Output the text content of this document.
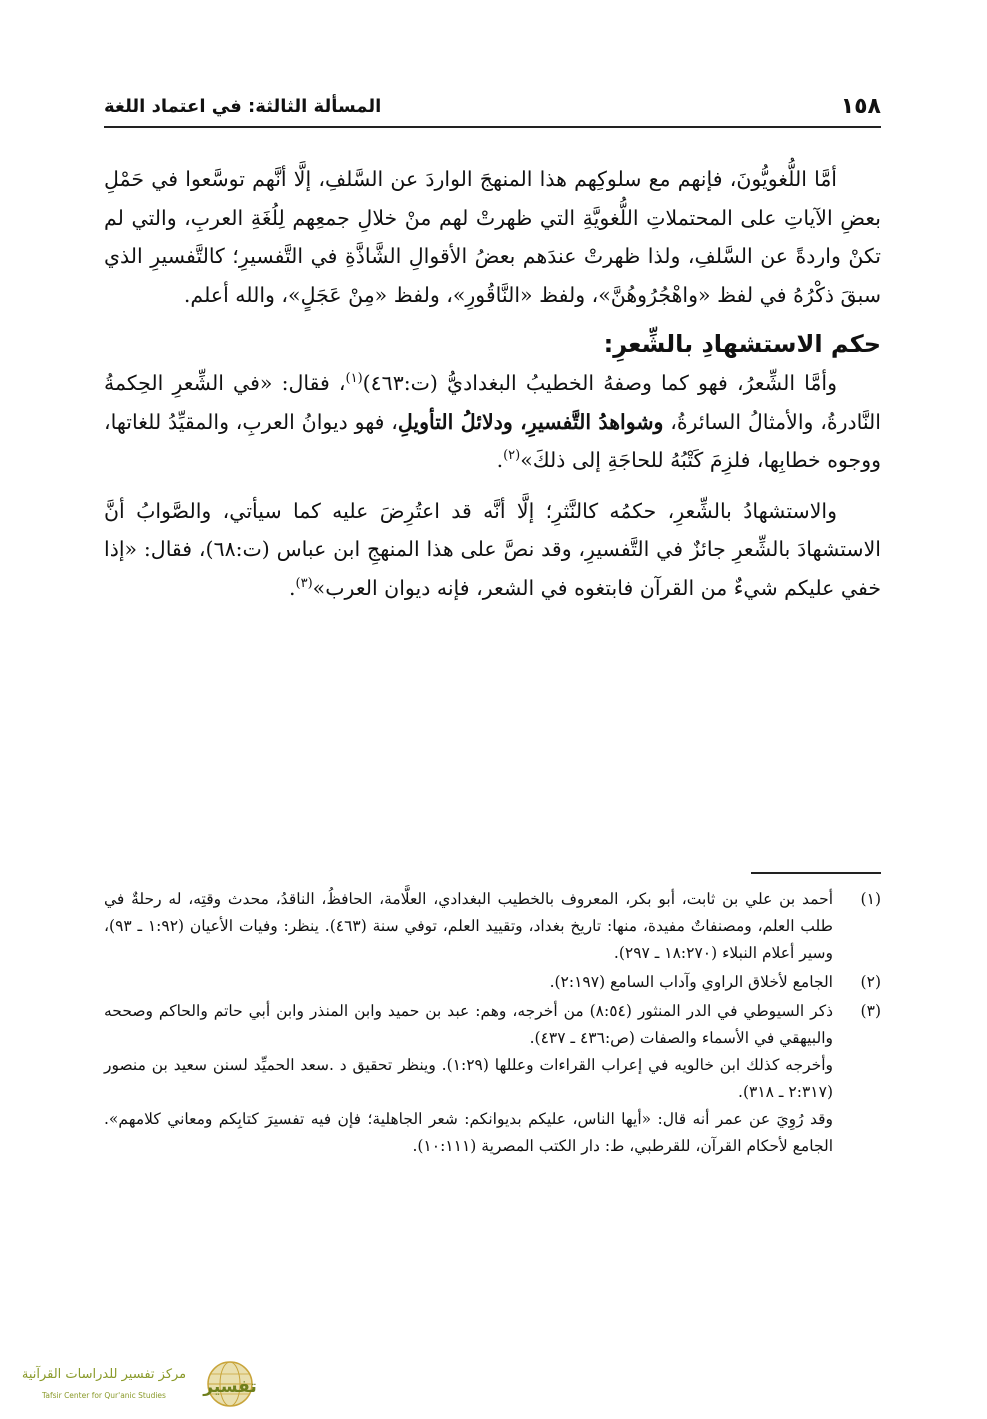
١٥٨
المسألة الثالثة: في اعتماد اللغة

أمَّا اللُّغويُّونَ، فإنهم مع سلوكِهم هذا المنهجَ الواردَ عن السَّلفِ، إلَّا أنَّهم توسَّعوا في حَمْلِ بعضِ الآياتِ على المحتملاتِ اللُّغويَّةِ التي ظهرتْ لهم منْ خلالِ جمعِهم لِلُغَةِ العربِ، والتي لم تكنْ واردةً عن السَّلفِ، ولذا ظهرتْ عندَهم بعضُ الأقوالِ الشَّاذَّةِ في التَّفسيرِ؛ كالتَّفسيرِ الذي سبقَ ذكْرُهُ في لفظ «واهْجُرُوهُنَّ»، ولفظ «النَّاقُورِ»، ولفظ «مِنْ عَجَلٍ»، والله أعلم.

حكم الاستشهادِ بالشِّعرِ:

وأمَّا الشِّعرُ، فهو كما وصفهُ الخطيبُ البغداديُّ (ت:٤٦٣)$^{(١)}$، فقال: «في الشِّعرِ الحِكمةُ النَّادرةُ، والأمثالُ السائرةُ، وشواهدُ التَّفسيرِ، ودلائلُ التأويلِ، فهو ديوانُ العربِ، والمقيِّدُ للغاتها، ووجوه خطابِها، فلزِمَ كَتْبُهُ للحاجَةِ إلى ذلكَ»$^{(٢)}$.

والاستشهادُ بالشِّعرِ، حكمُه كالنَّثرِ؛ إلَّا أنَّه قد اعتُرِضَ عليه كما سيأتي، والصَّوابُ أنَّ الاستشهادَ بالشِّعرِ جائزٌ في التَّفسيرِ، وقد نصَّ على هذا المنهجِ ابن عباس (ت:٦٨)، فقال: «إذا خفي عليكم شيءٌ من القرآن فابتغوه في الشعر، فإنه ديوان العرب»$^{(٣)}$.

(١)

أحمد بن علي بن ثابت، أبو بكر، المعروف بالخطيب البغدادي، العلَّامة، الحافظُ، الناقدُ، محدث وقتِه، له رحلةٌ في طلب العلم، ومصنفاتٌ مفيدة، منها: تاريخ بغداد، وتقييد العلم، توفي سنة (٤٦٣). ينظر: وفيات الأعيان (١:٩٢ ـ ٩٣)، وسير أعلام النبلاء (١٨:٢٧٠ ـ ٢٩٧).

(٢)

الجامع لأخلاق الراوي وآداب السامع (٢:١٩٧).

(٣)

ذكر السيوطي في الدر المنثور (٨:٥٤) من أخرجه، وهم: عبد بن حميد وابن المنذر وابن أبي حاتم والحاكم وصححه والبيهقي في الأسماء والصفات (ص:٤٣٦ ـ ٤٣٧).

وأخرجه كذلك ابن خالويه في إعراب القراءات وعللها (١:٢٩). وينظر تحقيق د .سعد الحميِّد لسنن سعيد بن منصور (٢:٣١٧ ـ ٣١٨).

وقد رُوِيَ عن عمر أنه قال: «أيها الناس، عليكم بديوانكم: شعر الجاهلية؛ فإن فيه تفسيرَ كتابِكم ومعاني كلامهم». الجامع لأحكام القرآن، للقرطبي، ط: دار الكتب المصرية (١٠:١١١).

تفسير
مركز تفسير للدراسات القرآنية
Tafsir Center for Qur'anic Studies
